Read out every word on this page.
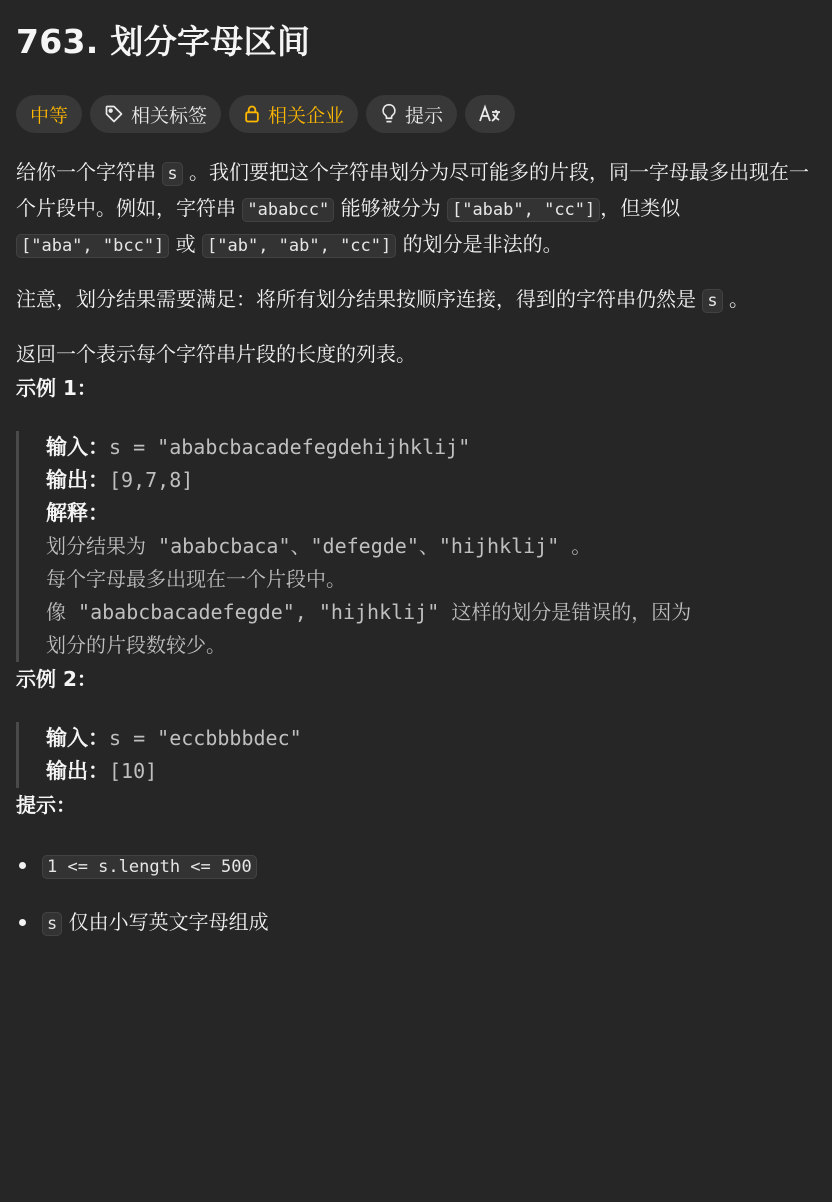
763. 划分字母区间
中等	相关标签	相关企业	提示

给你一个字符串 s 。我们要把这个字符串划分为尽可能多的片段，同一字母最多出现在一个片段中。例如，字符串 "ababcc" 能够被分为 ["abab", "cc"] ，但类似 ["aba", "bcc"] 或 ["ab", "ab", "cc"] 的划分是非法的。

注意，划分结果需要满足：将所有划分结果按顺序连接，得到的字符串仍然是 s 。

返回一个表示每个字符串片段的长度的列表。

示例 1：

输入：s = "ababcbacadefegdehijhklij"
输出：[9,7,8]
解释：
划分结果为 "ababcbaca"、"defegde"、"hijhklij" 。
每个字母最多出现在一个片段中。
像 "ababcbacadefegde", "hijhklij" 这样的划分是错误的，因为
划分的片段数较少。

示例 2：

输入：s = "eccbbbbdec"
输出：[10]

提示：

1 <= s.length <= 500
s 仅由小写英文字母组成
